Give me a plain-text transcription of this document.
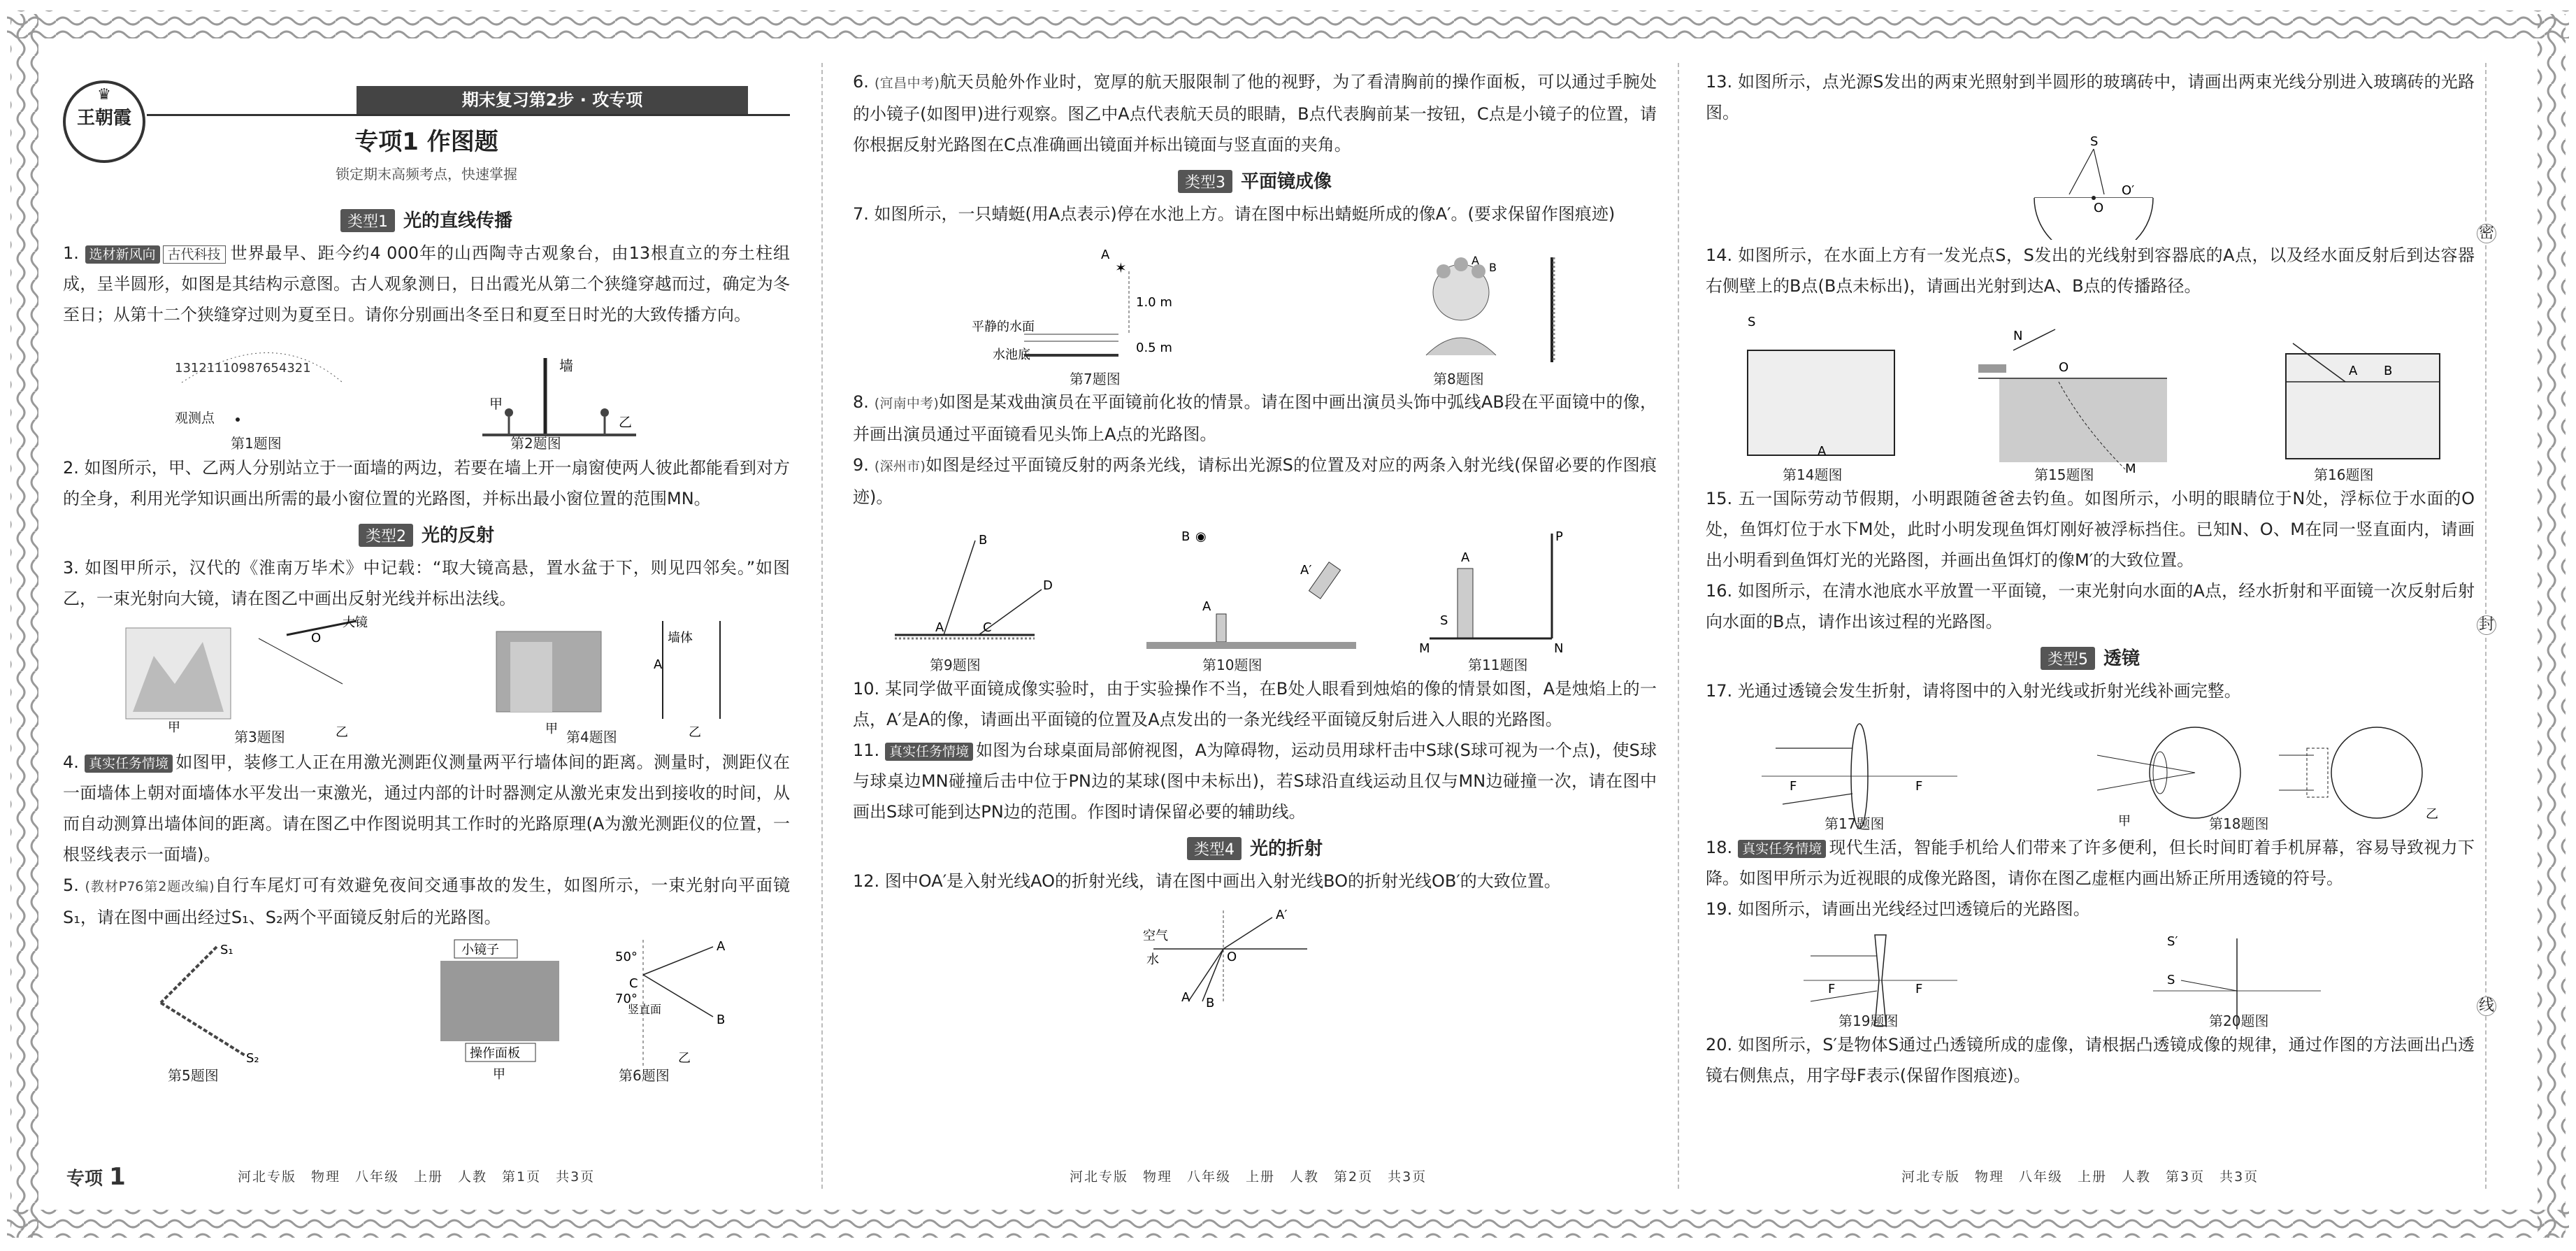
密
封
线
♛
王朝霞
期末复习第2步 · 攻专项
专项1 作图题
锁定期末高频考点，快速掌握
类型1 光的直线传播

1. 选材新风向 古代科技 世界最早、距今约4 000年的山西陶寺古观象台，由13根直立的夯土柱组成，呈半圆形，如图是其结构示意图。古人观象测日，日出霞光从第二个狭缝穿越而过，确定为冬至日；从第十二个狭缝穿过则为夏至日。请你分别画出冬至日和夏至日时光的大致传播方向。

13121110987654321
观测点
墙
甲
乙
第1题图	第2题图

2. 如图所示，甲、乙两人分别站立于一面墙的两边，若要在墙上开一扇窗使两人彼此都能看到对方的全身，利用光学知识画出所需的最小窗位置的光路图，并标出最小窗位置的范围MN。

类型2 光的反射

3. 如图甲所示，汉代的《淮南万毕术》中记载：“取大镜高悬，置水盆于下，则见四邻矣。”如图乙，一束光射向大镜，请在图乙中画出反射光线并标出法线。

甲
大镜
O
乙	甲
墙体
A
乙
第3题图	第4题图

4. 真实任务情境 如图甲，装修工人正在用激光测距仪测量两平行墙体间的距离。测量时，测距仪在一面墙体上朝对面墙体水平发出一束激光，通过内部的计时器测定从激光束发出到接收的时间，从而自动测算出墙体间的距离。请在图乙中作图说明其工作时的光路原理(A为激光测距仪的位置，一根竖线表示一面墙)。

5. (教材P76第2题改编)自行车尾灯可有效避免夜间交通事故的发生，如图所示，一束光射向平面镜S₁，请在图中画出经过S₁、S₂两个平面镜反射后的光路图。

S₁
S₂
小镜子
操作面板
甲
A
B
50°
70°
C
竖直面
乙
第5题图	第6题图

6. (宜昌中考)航天员舱外作业时，宽厚的航天服限制了他的视野，为了看清胸前的操作面板，可以通过手腕处的小镜子(如图甲)进行观察。图乙中A点代表航天员的眼睛，B点代表胸前某一按钮，C点是小镜子的位置，请你根据反射光路图在C点准确画出镜面并标出镜面与竖直面的夹角。

类型3 平面镜成像

7. 如图所示，一只蜻蜓(用A点表示)停在水池上方。请在图中标出蜻蜓所成的像A′。(要求保留作图痕迹)

A
✶
1.0 m
0.5 m
平静的水面
水池底
A
B
第7题图	第8题图

8. (河南中考)如图是某戏曲演员在平面镜前化妆的情景。请在图中画出演员头饰中弧线AB段在平面镜中的像，并画出演员通过平面镜看见头饰上A点的光路图。

9. (深州市)如图是经过平面镜反射的两条光线，请标出光源S的位置及对应的两条入射光线(保留必要的作图痕迹)。

B
A
D
C
B ◉
A′
A
A
S
M	N
P
第9题图	第10题图	第11题图

10. 某同学做平面镜成像实验时，由于实验操作不当，在B处人眼看到烛焰的像的情景如图，A是烛焰上的一点，A′是A的像，请画出平面镜的位置及A点发出的一条光线经平面镜反射后进入人眼的光路图。

11. 真实任务情境 如图为台球桌面局部俯视图，A为障碍物，运动员用球杆击中S球(S球可视为一个点)，使S球与球桌边MN碰撞后击中位于PN边的某球(图中未标出)，若S球沿直线运动且仅与MN边碰撞一次，请在图中画出S球可能到达PN边的范围。作图时请保留必要的辅助线。

类型4 光的折射

12. 图中OA′是入射光线AO的折射光线，请在图中画出入射光线BO的折射光线OB′的大致位置。

空气
水
A′
A B
O

13. 如图所示，点光源S发出的两束光照射到半圆形的玻璃砖中，请画出两束光线分别进入玻璃砖的光路图。

S
O
O′

14. 如图所示，在水面上方有一发光点S，S发出的光线射到容器底的A点，以及经水面反射后到达容器右侧壁上的B点(B点未标出)，请画出光射到达A、B点的传播路径。

S
A
N
O
M
A B
第14题图	第15题图	第16题图

15. 五一国际劳动节假期，小明跟随爸爸去钓鱼。如图所示，小明的眼睛位于N处，浮标位于水面的O处，鱼饵灯位于水下M处，此时小明发现鱼饵灯刚好被浮标挡住。已知N、O、M在同一竖直面内，请画出小明看到鱼饵灯光的光路图，并画出鱼饵灯的像M′的大致位置。

16. 如图所示，在清水池底水平放置一平面镜，一束光射向水面的A点，经水折射和平面镜一次反射后射向水面的B点，请作出该过程的光路图。

类型5 透镜

17. 光通过透镜会发生折射，请将图中的入射光线或折射光线补画完整。

F	F
甲	乙
第17题图	第18题图

18. 真实任务情境 现代生活，智能手机给人们带来了许多便利，但长时间盯着手机屏幕，容易导致视力下降。如图甲所示为近视眼的成像光路图，请你在图乙虚框内画出矫正所用透镜的符号。

19. 如图所示，请画出光线经过凹透镜后的光路图。

F	F
S′
S
第19题图	第20题图

20. 如图所示，S′是物体S通过凸透镜所成的虚像，请根据凸透镜成像的规律，通过作图的方法画出凸透镜右侧焦点，用字母F表示(保留作图痕迹)。

专项 1	河北专版　物理　八年级　上册　人教　第1页　共3页	河北专版　物理　八年级　上册　人教　第2页　共3页	河北专版　物理　八年级　上册　人教　第3页　共3页
